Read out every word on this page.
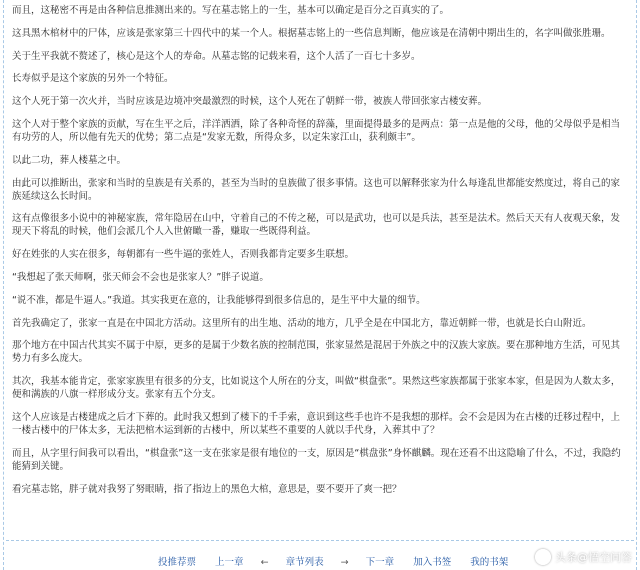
而且，这秘密不再是由各种信息推测出来的。写在墓志铭上的一生，基本可以确定是百分之百真实的了。

这具黑木棺材中的尸体，应该是张家第三十四代中的某一个人。根据墓志铭上的一些信息判断，他应该是在清朝中期出生的，名字叫做张胜珊。

关于生平我就不赘述了，核心是这个人的寿命。从墓志铭的记载来看，这个人活了一百七十多岁。

长寿似乎是这个家族的另外一个特征。

这个人死于第一次火并，当时应该是边境冲突最激烈的时候，这个人死在了朝鲜一带，被族人带回张家古楼安葬。

这个人对于整个家族的贡献，写在生平之后，洋洋洒洒，除了各种奇怪的辞藻，里面提得最多的是两点：第一点是他的父母，他的父母似乎是相当有功劳的人，所以他有先天的优势；第二点是“发家无数，所得众多，以定朱家江山，获利颇丰”。

以此二功，葬人楼墓之中。

由此可以推断出，张家和当时的皇族是有关系的，甚至为当时的皇族做了很多事情。这也可以解释张家为什么每逢乱世都能安然度过，将自己的家族延续这么长时间。

这有点像很多小说中的神秘家族，常年隐居在山中，守着自己的不传之秘，可以是武功，也可以是兵法，甚至是法术。然后天天有人夜观天象，发现天下将乱的时候，他们会派几个人入世俯瞰一番，赚取一些既得利益。

好在姓张的人实在很多，每朝都有一些牛逼的张姓人，否则我都肯定要多生联想。

“我想起了张天师啊，张天师会不会也是张家人？”胖子说道。

“说不准，都是牛逼人。”我道。其实我更在意的，让我能够得到很多信息的，是生平中大量的细节。

首先我确定了，张家一直是在中国北方活动。这里所有的出生地、活动的地方，几乎全是在中国北方，靠近朝鲜一带，也就是长白山附近。

那个地方在中国古代其实不属于中原，更多的是属于少数名族的控制范围，张家显然是混居于外族之中的汉族大家族。要在那种地方生活，可见其势力有多么庞大。

其次，我基本能肯定，张家家族里有很多的分支，比如说这个人所在的分支，叫做“棋盘张”。果然这些家族都属于张家本家，但是因为人数太多，便和满族的八旗一样形成分支。张家有五个分支。

这个人应该是古楼建成之后才下葬的。此时我又想到了楼下的千手索，意识到这些手也许不是我想的那样。会不会是因为在古楼的迁移过程中，上一楼古楼中的尸体太多，无法把棺木运到新的古楼中，所以某些不重要的人就以手代身，入葬其中了？

而且，从字里行间我可以看出，“棋盘张”这一支在张家是很有地位的一支，原因是“棋盘张”身怀麒麟。现在还看不出这隐喻了什么，不过，我隐约能猜到关键。

看完墓志铭，胖子就对我努了努眼睛，指了指边上的黑色大棺，意思是，要不要开了爽一把？

投推荐票 上一章 ← 章节列表 → 下一章 加入书签 我的书架	头条@悟空问答
